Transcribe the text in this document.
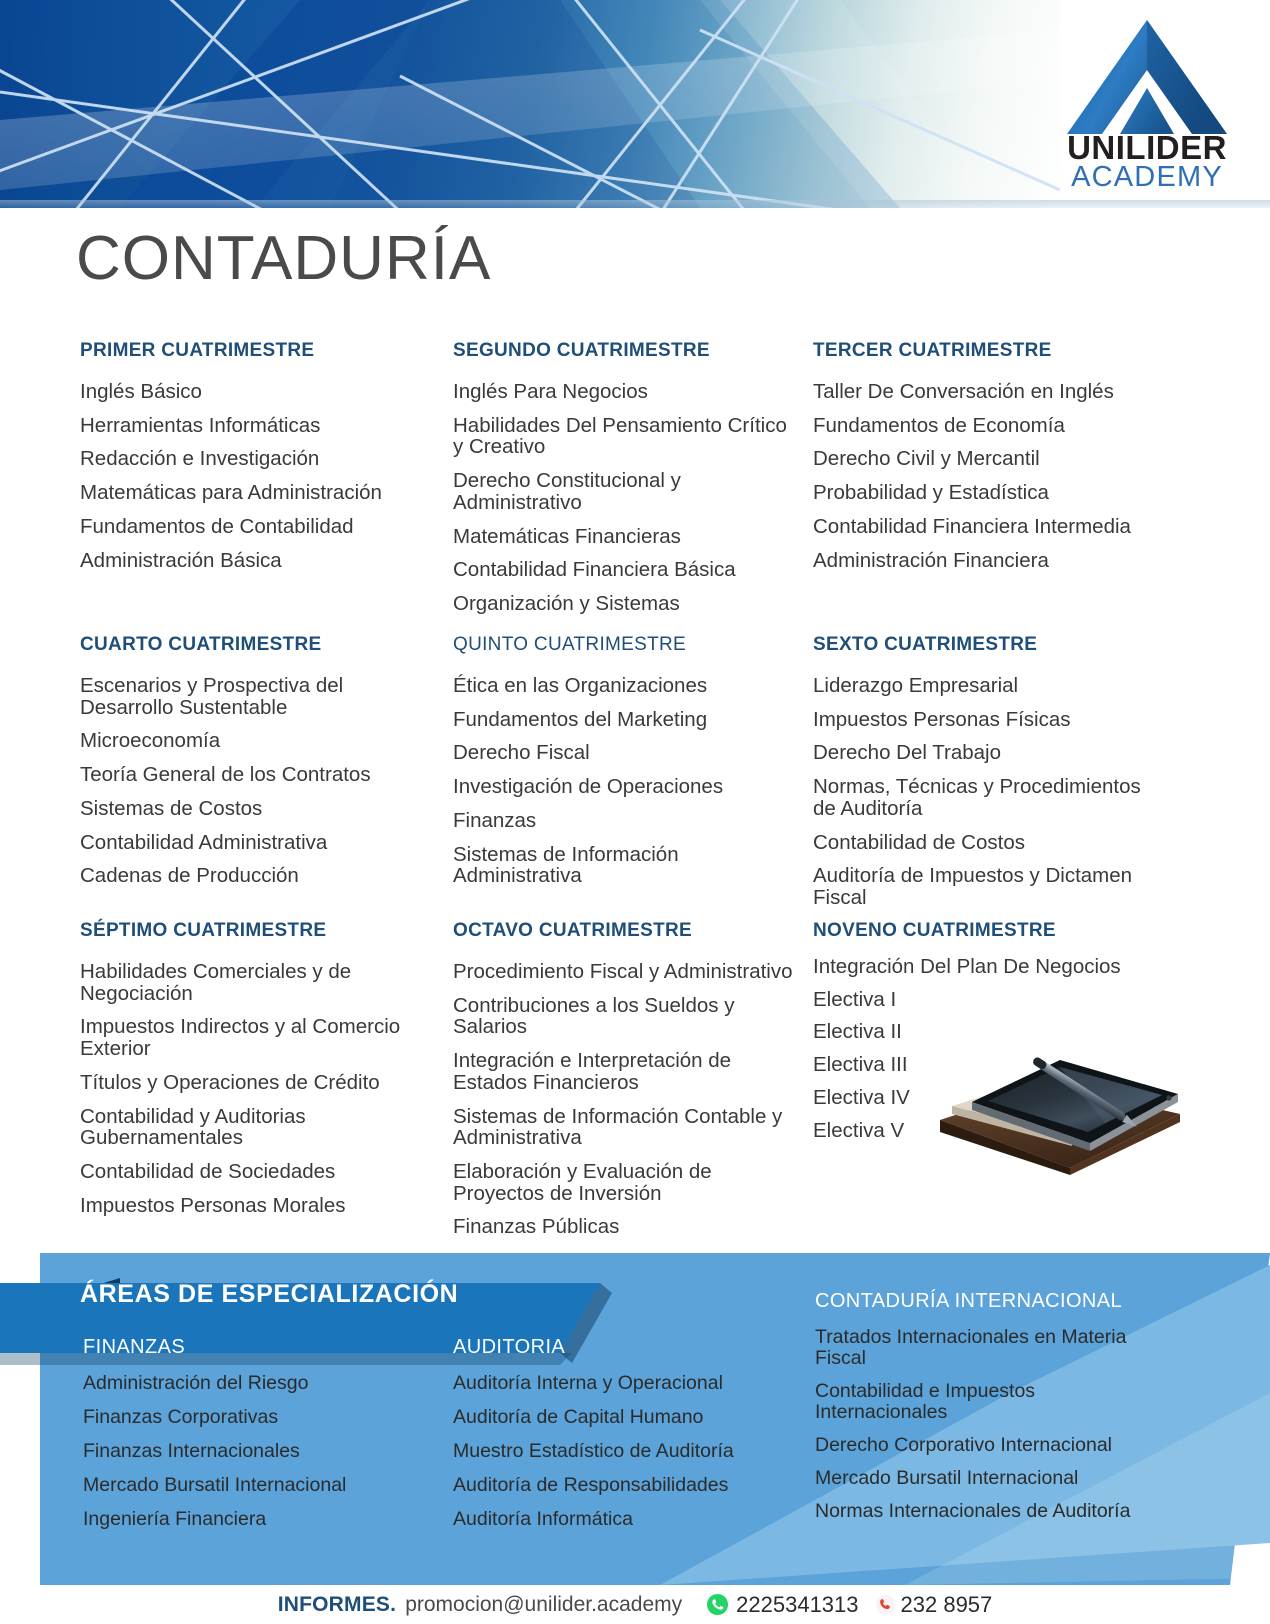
UNILIDER
ACADEMY
CONTADURÍA
PRIMER CUATRIMESTRE
Inglés Básico
Herramientas Informáticas
Redacción e Investigación
Matemáticas para Administración
Fundamentos de Contabilidad
Administración Básica
SEGUNDO CUATRIMESTRE
Inglés Para Negocios
Habilidades Del Pensamiento Crítico y Creativo
Derecho Constitucional y Administrativo
Matemáticas Financieras
Contabilidad Financiera Básica
Organización y Sistemas
TERCER CUATRIMESTRE
Taller De Conversación en Inglés
Fundamentos de Economía
Derecho Civil y Mercantil
Probabilidad y Estadística
Contabilidad Financiera Intermedia
Administración Financiera
CUARTO CUATRIMESTRE
Escenarios y Prospectiva del Desarrollo Sustentable
Microeconomía
Teoría General de los Contratos
Sistemas de Costos
Contabilidad Administrativa
Cadenas de Producción
QUINTO CUATRIMESTRE
Ética en las Organizaciones
Fundamentos del Marketing
Derecho Fiscal
Investigación de Operaciones
Finanzas
Sistemas de Información Administrativa
SEXTO CUATRIMESTRE
Liderazgo Empresarial
Impuestos Personas Físicas
Derecho Del Trabajo
Normas, Técnicas y Procedimientos de Auditoría
Contabilidad de Costos
Auditoría de Impuestos y Dictamen Fiscal
SÉPTIMO CUATRIMESTRE
Habilidades Comerciales y de Negociación
Impuestos Indirectos y al Comercio Exterior
Títulos y Operaciones de Crédito
Contabilidad y Auditorias Gubernamentales
Contabilidad de Sociedades
Impuestos Personas Morales
OCTAVO CUATRIMESTRE
Procedimiento Fiscal y Administrativo
Contribuciones a los Sueldos y Salarios
Integración e Interpretación de Estados Financieros
Sistemas de Información Contable y Administrativa
Elaboración y Evaluación de Proyectos de Inversión
Finanzas Públicas
NOVENO CUATRIMESTRE
Integración Del Plan De Negocios
Electiva I
Electiva II
Electiva III
Electiva IV
Electiva V
ÁREAS DE ESPECIALIZACIÓN
FINANZAS
Administración del Riesgo
Finanzas Corporativas
Finanzas Internacionales
Mercado Bursatil Internacional
Ingeniería Financiera
AUDITORIA
Auditoría Interna y Operacional
Auditoría de Capital Humano
Muestro Estadístico de Auditoría
Auditoría de Responsabilidades
Auditoría Informática
CONTADURÍA INTERNACIONAL
Tratados Internacionales en Materia Fiscal
Contabilidad e Impuestos Internacionales
Derecho Corporativo Internacional
Mercado Bursatil Internacional
Normas Internacionales de Auditoría
INFORMES. promocion@unilider.academy 2225341313 232 8957
